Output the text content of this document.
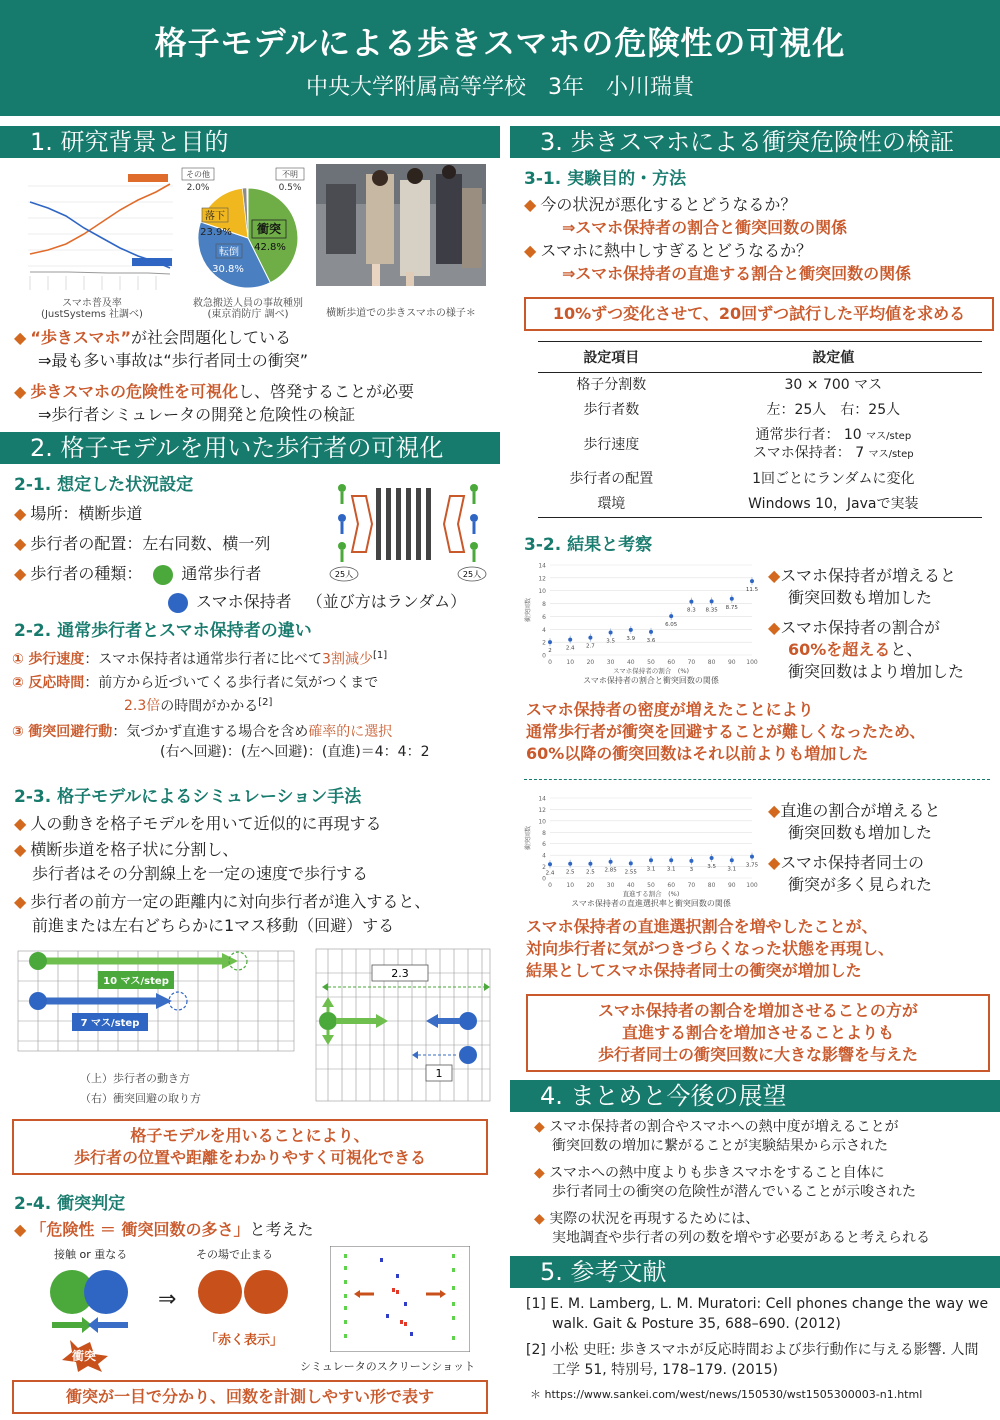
格子モデルによる歩きスマホの危険性の可視化
中央大学附属高等学校　3年　小川瑞貴
1. 研究背景と目的
スマホ普及率
(JustSystems 社調べ)
その他
2.0%
不明
0.5%
落下
23.9% 衝突
42.8%
転倒
30.8%
救急搬送人員の事故種別
(東京消防庁 調べ)	横断歩道での歩きスマホの様子＊
◆ “歩きスマホ”が社会問題化している
⇒最も多い事故は“歩行者同士の衝突”
◆ 歩きスマホの危険性を可視化し、啓発することが必要
⇒歩行者シミュレータの開発と危険性の検証
2. 格子モデルを用いた歩行者の可視化
2-1. 想定した状況設定
◆ 場所：横断歩道
◆ 歩行者の配置：左右同数、横一列
◆ 歩行者の種類： 通常歩行者
スマホ保持者 （並び方はランダム）
25人	25人
2-2. 通常歩行者とスマホ保持者の違い
① 歩行速度：スマホ保持者は通常歩行者に比べて3割減少[1]
② 反応時間：前方から近づいてくる歩行者に気がつくまで
2.3倍の時間がかかる[2]
③ 衝突回避行動：気づかず直進する場合を含め確率的に選択
(右へ回避)：(左へ回避)：(直進)＝4：4：2
2-3. 格子モデルによるシミュレーション手法
◆ 人の動きを格子モデルを用いて近似的に再現する
◆ 横断歩道を格子状に分割し、
歩行者はその分割線上を一定の速度で歩行する
◆ 歩行者の前方一定の距離内に対向歩行者が進入すると、
前進または左右どちらかに1マス移動（回避）する
10 マス/step
7 マス/step
（上）歩行者の動き方
（右）衝突回避の取り方
2.3
1
格子モデルを用いることにより、
歩行者の位置や距離をわかりやすく可視化できる
2-4. 衝突判定
◆ 「危険性 ＝ 衝突回数の多さ」と考えた
接触 or 重なる	その場で止まる
衝突
⇒
「赤く表示」
シミュレータのスクリーンショット
衝突が一目で分かり、回数を計測しやすい形で表す
3. 歩きスマホによる衝突危険性の検証
3-1. 実験目的・方法
◆ 今の状況が悪化するとどうなるか？
⇒スマホ保持者の割合と衝突回数の関係
◆ スマホに熱中しすぎるとどうなるか？
⇒スマホ保持者の直進する割合と衝突回数の関係
10%ずつ変化させて、20回ずつ試行した平均値を求める
設定項目	設定値
格子分割数	30 × 700 マス
歩行者数	左：25人　右：25人
歩行速度	通常歩行者： 10 マス/step
スマホ保持者： 7 マス/step
歩行者の配置	1回ごとにランダムに変化
環境	Windows 10，Javaで実装
3-2. 結果と考察
0
2
4
6
8
10
12
14
0 10 20 30 40 50 60 70 80 90 100
衝突回数
スマホ保持者の割合　(%)
スマホ保持者の割合と衝突回数の関係
2	2.4 2.7
3.5 3.9 3.6
6.05
8.3 8.35 8.75
11.5
◆スマホ保持者が増えると
衝突回数も増加した
◆スマホ保持者の割合が
60%を超えると、
衝突回数はより増加した
スマホ保持者の密度が増えたことにより
通常歩行者が衝突を回避することが難しくなったため、
60%以降の衝突回数はそれ以前よりも増加した
0
2
4
6
8
10
12
14
0 10 20 30 40 50 60 70 80 90 100
衝突回数
直進する割合　(%)
スマホ保持者の直進選択率と衝突回数の関係
2.4 2.5 2.5 2.85 2.55
3.1 3.1	3	3.5 3.1
3.75
◆直進の割合が増えると
衝突回数も増加した
◆スマホ保持者同士の
衝突が多く見られた
スマホ保持者の直進選択割合を増やしたことが、
対向歩行者に気がつきづらくなった状態を再現し、
結果としてスマホ保持者同士の衝突が増加した
スマホ保持者の割合を増加させることの方が
直進する割合を増加させることよりも
歩行者同士の衝突回数に大きな影響を与えた
4. まとめと今後の展望
◆ スマホ保持者の割合やスマホへの熱中度が増えることが
衝突回数の増加に繋がることが実験結果から示された
◆ スマホへの熱中度よりも歩きスマホをすること自体に
歩行者同士の衝突の危険性が潜んでいることが示唆された
◆ 実際の状況を再現するためには、
実地調査や歩行者の列の数を増やす必要があると考えられる
5. 参考文献
[1] E. M. Lamberg, L. M. Muratori: Cell phones change the way we walk. Gait & Posture 35, 688–690. (2012)
[2] 小松 史旺: 歩きスマホが反応時間および歩行動作に与える影響. 人間工学 51, 特別号, 178–179. (2015)
＊ https://www.sankei.com/west/news/150530/wst1505300003-n1.html
